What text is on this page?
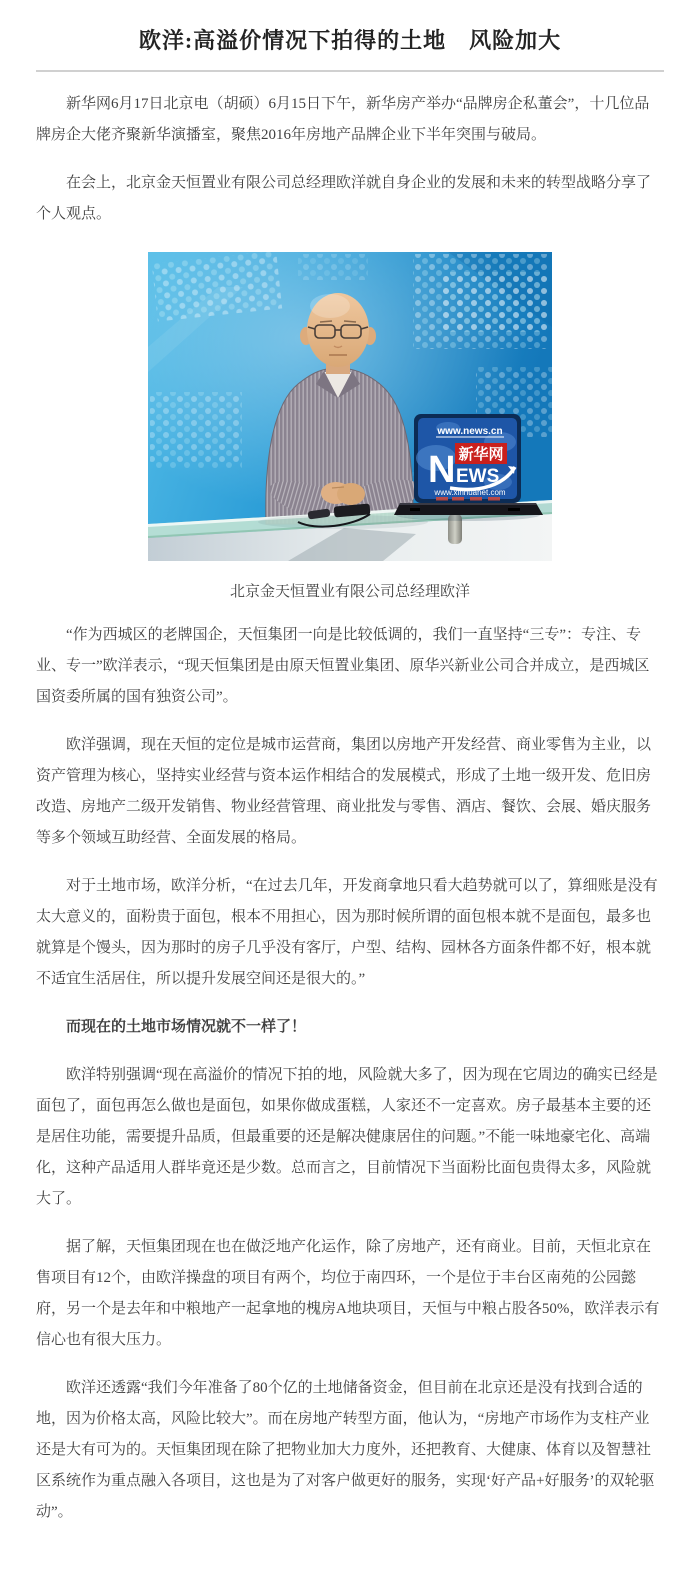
欧洋:高溢价情况下拍得的土地　风险加大

新华网6月17日北京电（胡硕）6月15日下午，新华房产举办“品牌房企私董会”，十几位品牌房企大佬齐聚新华演播室，聚焦2016年房地产品牌企业下半年突围与破局。

在会上，北京金天恒置业有限公司总经理欧洋就自身企业的发展和未来的转型战略分享了个人观点。

www.news.cn
N 新华网
EWS
www.xinhuanet.com
北京金天恒置业有限公司总经理欧洋

“作为西城区的老牌国企，天恒集团一向是比较低调的，我们一直坚持“三专”：专注、专业、专一”欧洋表示，“现天恒集团是由原天恒置业集团、原华兴新业公司合并成立，是西城区国资委所属的国有独资公司”。

欧洋强调，现在天恒的定位是城市运营商，集团以房地产开发经营、商业零售为主业，以资产管理为核心，坚持实业经营与资本运作相结合的发展模式，形成了土地一级开发、危旧房改造、房地产二级开发销售、物业经营管理、商业批发与零售、酒店、餐饮、会展、婚庆服务等多个领域互助经营、全面发展的格局。

对于土地市场，欧洋分析，“在过去几年，开发商拿地只看大趋势就可以了，算细账是没有太大意义的，面粉贵于面包，根本不用担心，因为那时候所谓的面包根本就不是面包，最多也就算是个馒头，因为那时的房子几乎没有客厅，户型、结构、园林各方面条件都不好，根本就不适宜生活居住，所以提升发展空间还是很大的。”

而现在的土地市场情况就不一样了！

欧洋特别强调“现在高溢价的情况下拍的地，风险就大多了，因为现在它周边的确实已经是面包了，面包再怎么做也是面包，如果你做成蛋糕，人家还不一定喜欢。房子最基本主要的还是居住功能，需要提升品质，但最重要的还是解决健康居住的问题。”不能一味地豪宅化、高端化，这种产品适用人群毕竟还是少数。总而言之，目前情况下当面粉比面包贵得太多，风险就大了。

据了解，天恒集团现在也在做泛地产化运作，除了房地产，还有商业。目前，天恒北京在售项目有12个，由欧洋操盘的项目有两个，均位于南四环，一个是位于丰台区南苑的公园懿府，另一个是去年和中粮地产一起拿地的槐房A地块项目，天恒与中粮占股各50%，欧洋表示有信心也有很大压力。

欧洋还透露“我们今年准备了80个亿的土地储备资金，但目前在北京还是没有找到合适的地，因为价格太高，风险比较大”。而在房地产转型方面，他认为，“房地产市场作为支柱产业还是大有可为的。天恒集团现在除了把物业加大力度外，还把教育、大健康、体育以及智慧社区系统作为重点融入各项目，这也是为了对客户做更好的服务，实现‘好产品+好服务’的双轮驱动”。
